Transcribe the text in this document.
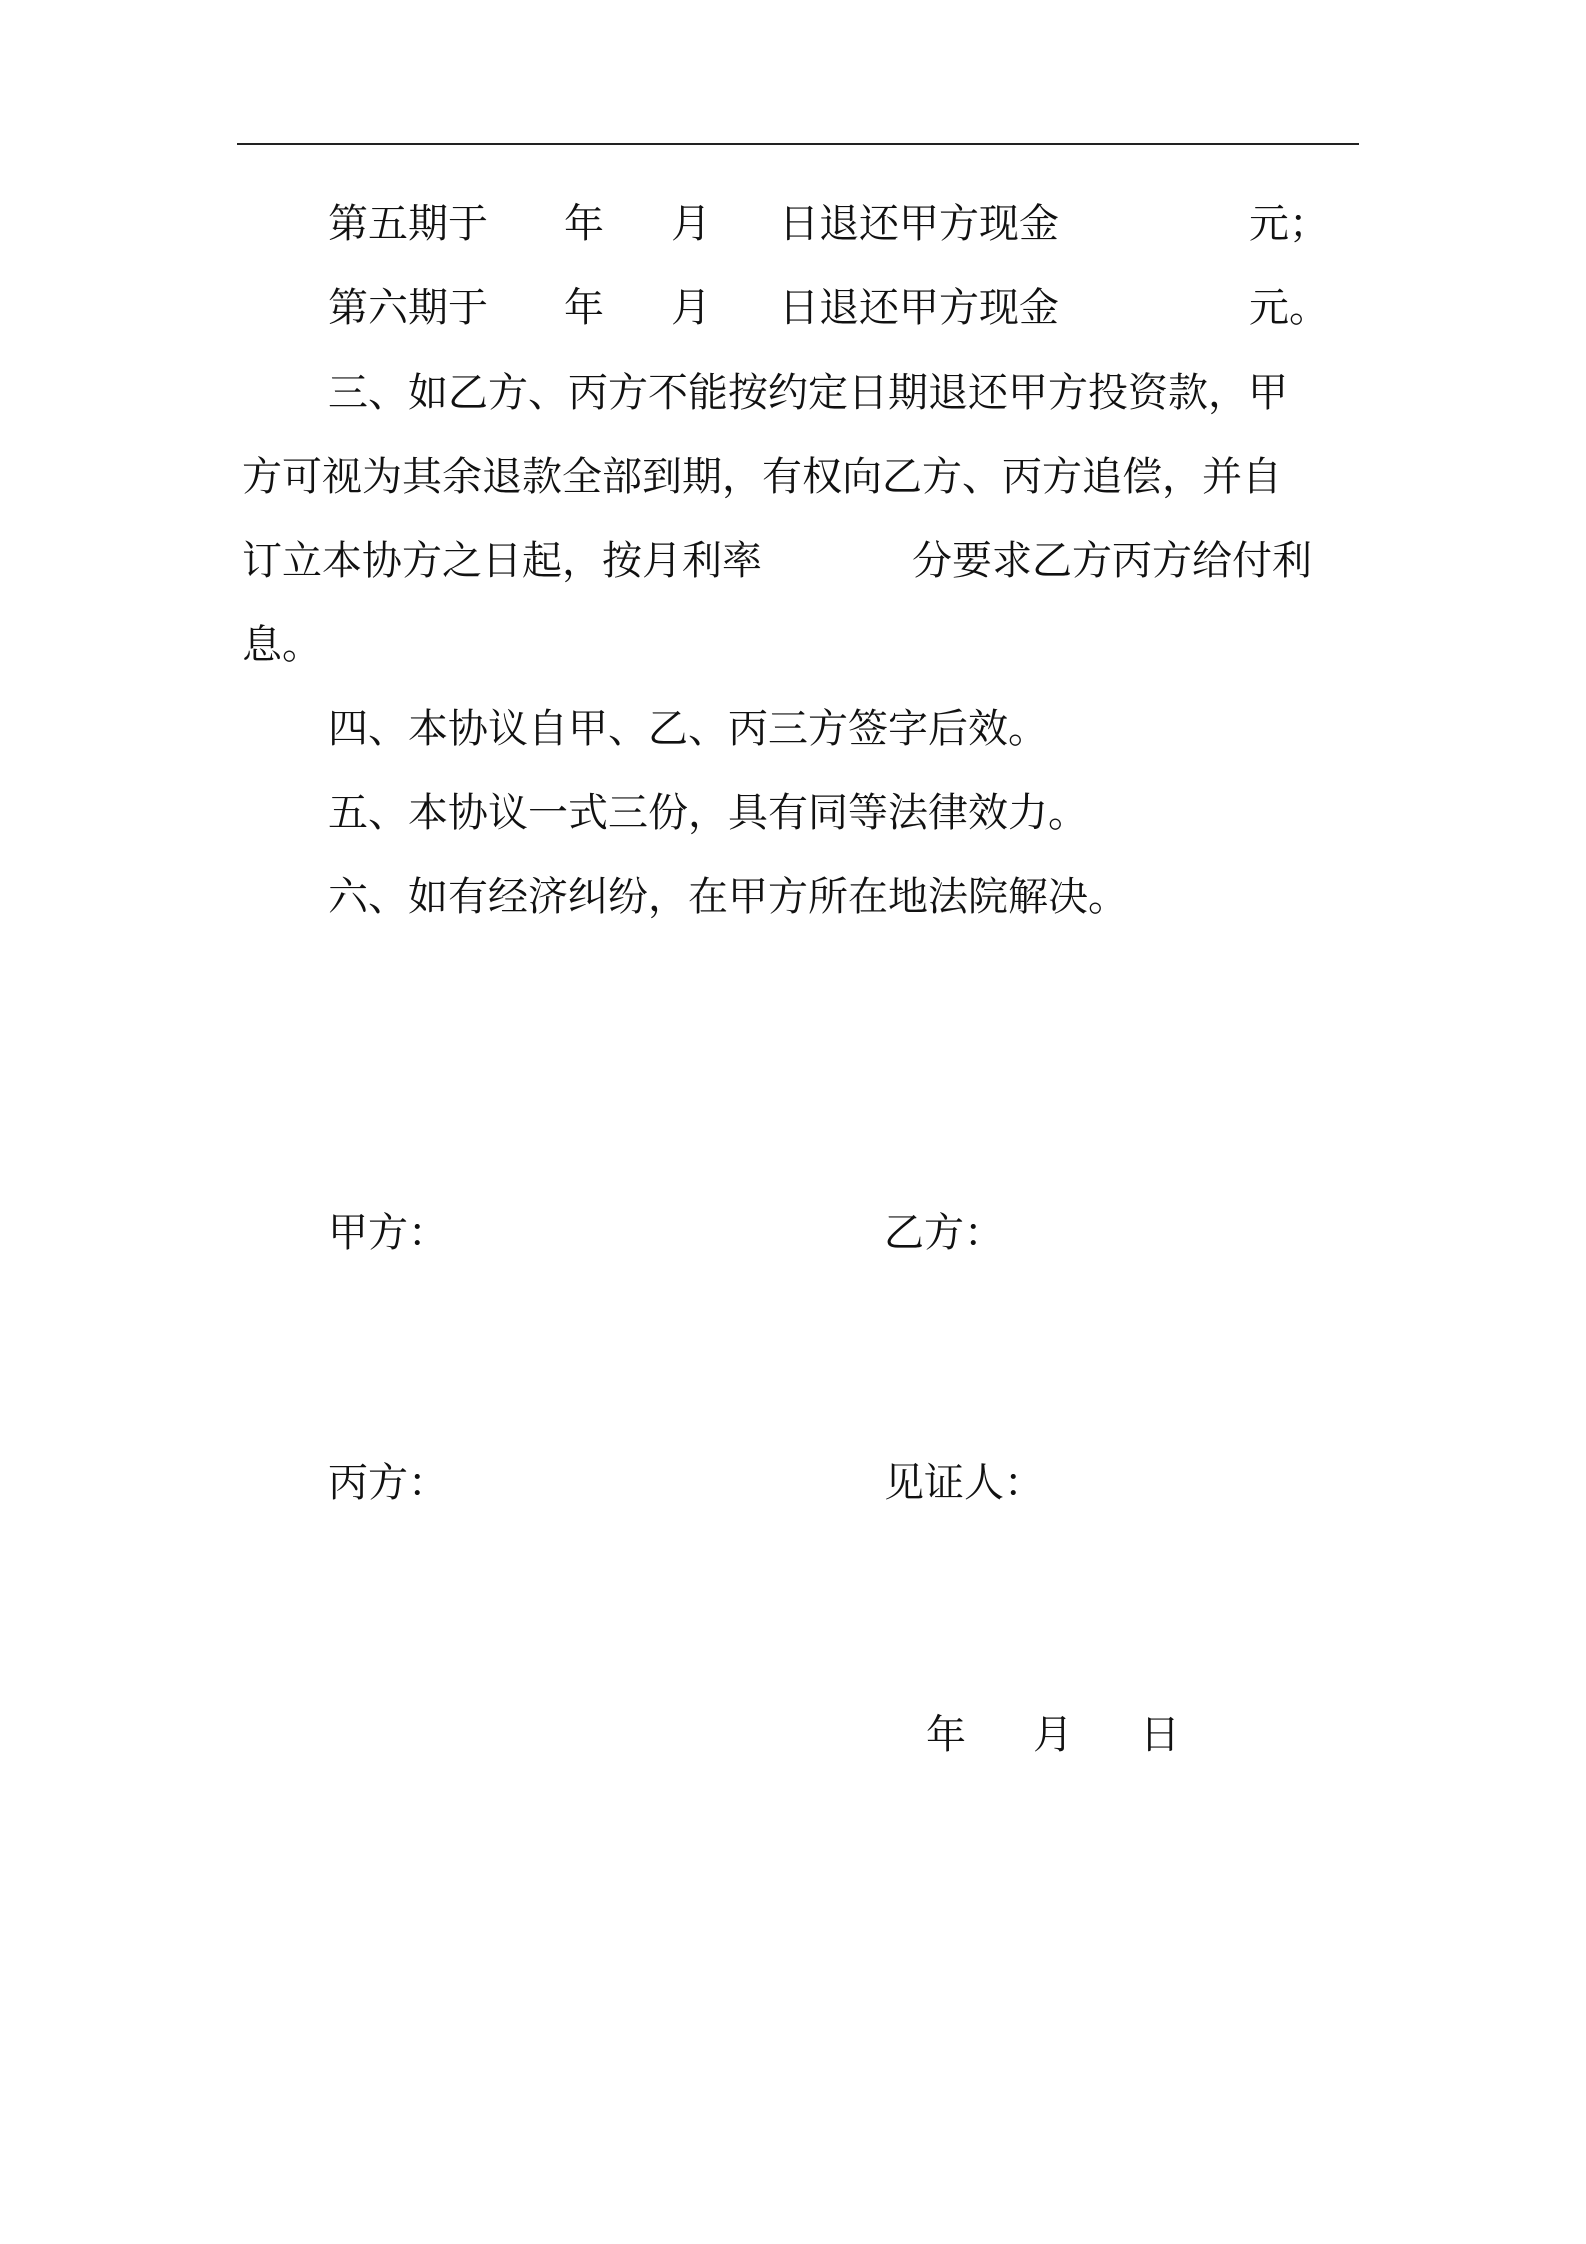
第五期于 年 月 日退还甲方现金	元；
第六期于 年 月 日退还甲方现金	元。
三、如乙方、丙方不能按约定日期退还甲方投资款，甲
方可视为其余退款全部到期，有权向乙方、丙方追偿，并自
订立本协方之日起，按月利率	分要求乙方丙方给付利
息。
四、本协议自甲、乙、丙三方签字后效。
五、本协议一式三份，具有同等法律效力。
六、如有经济纠纷，在甲方所在地法院解决。
甲方：	乙方：
丙方：	见证人：
年 月 日
